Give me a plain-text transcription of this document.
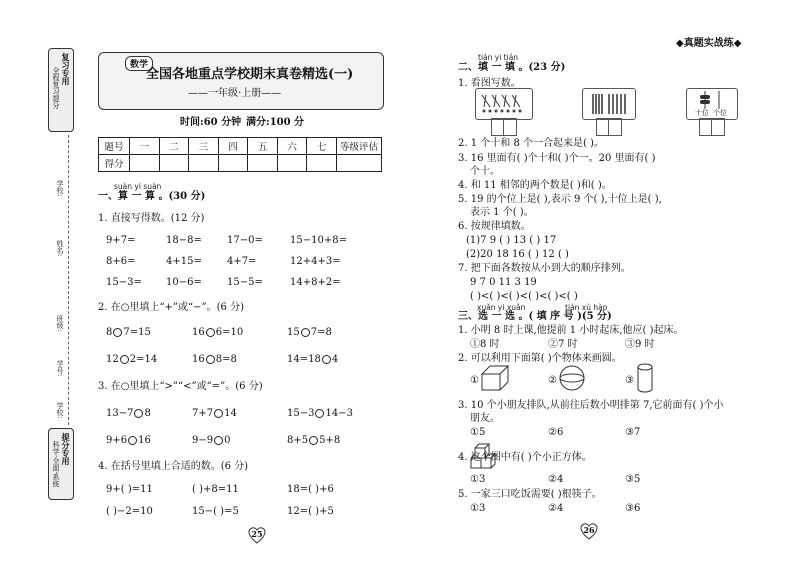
复习专用
全程复习提分
学校:
姓名:
班级:
学号:
学校:
提分专用
科学·全面·系统
数学
全国各地重点学校期末真卷精选(一)
——一年级·上册——
时间:60 分钟 满分:100 分
题号	一	二	三	四	五	六	七	等级评估
得分								
suàn yi suàn
一、算 一 算 。(30 分)
1. 直接写得数。(12 分)
9+7=	18−8=	17−0=	15−10+8=
8+6=	4+15=	4+7=	12+4+3=
15−3= 10−6=	15−5=	14+8+2=
2. 在○里填上“+”或“−”。(6 分)
8 7=15	16 6=10	15 7=8
12 2=14	16 8=8	14=18 4
3. 在○里填上“>”“<”或“=”。(6 分)
13−7 8	7+7 14	15−3 14−3
9+6 16	9−9 0	8+5 5+8
4. 在括号里填上合适的数。(6 分)
9+( )=11	( )+8=11	18=( )+6
( )−2=10	15−( )=5	12=( )+5
25
◆真题实战练◆
tián yi tián
二、填 一 填 。(23 分)
1. 看图写数。
十位 个位
2. 1 个十和 8 个一合起来是( )。
3. 16 里面有( )个十和( )个一。20 里面有( )
个十。
4. 和 11 相邻的两个数是( )和( )。
5. 19 的个位上是( ),表示 9 个( ),十位上是( ),
表示 1 个( )。
6. 按规律填数。
(1)7 9 ( ) 13 ( ) 17
(2)20 18 16 ( ) 12 ( )
7. 把下面各数按从小到大的顺序排列。
9 7 0 11 3 19
( )<( )<( )<( )<( )<( )
xuǎn yi xuǎn	tián xù hào
三、选 一 选 。( 填 序 号 )(5 分)
1. 小明 8 时上课,他提前 1 小时起床,他应( )起床。
①8 时	②7 时	③9 时
2. 可以利用下面第( )个物体来画圆。
①	②	③
3. 10 个小朋友排队,从前往后数小明排第 7,它前面有( )个小
朋友。
①5	②6	③7
4. 这个图中有( )个小正方体。
①3	②4	③5
5. 一家三口吃饭需要( )根筷子。
①3	②4	③6
26
